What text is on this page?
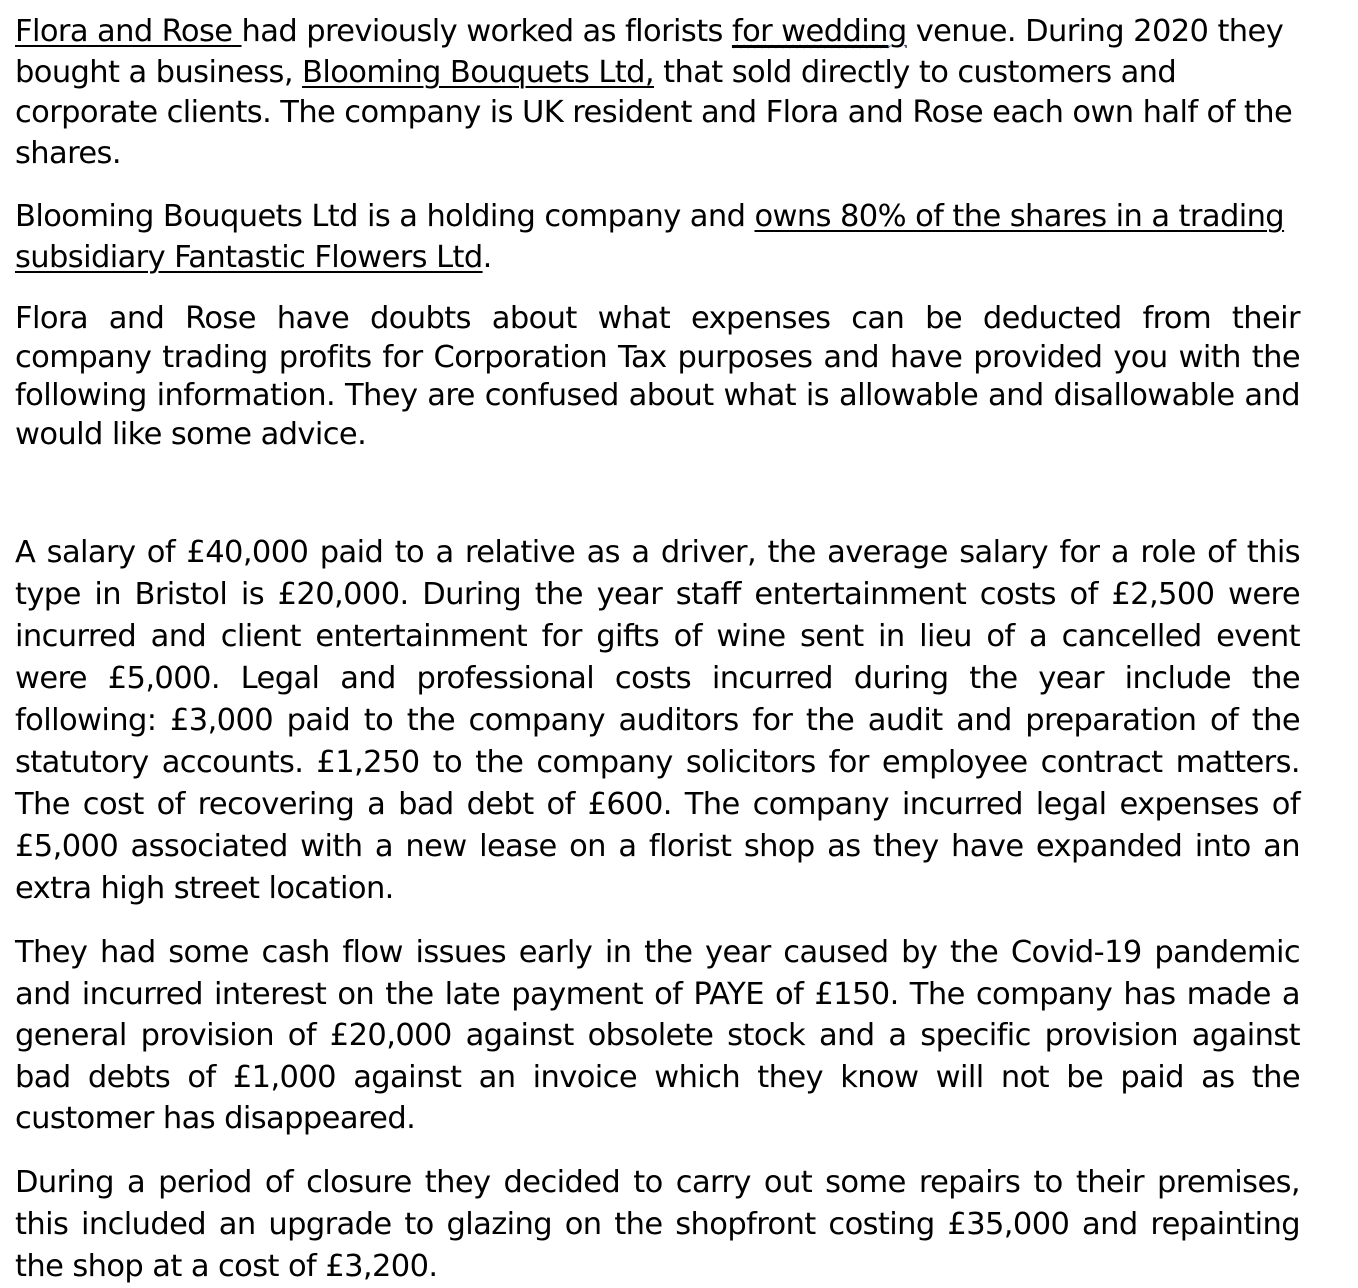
Flora and Rose had previously worked as florists for wedding venue. During 2020 they bought a business, Blooming Bouquets Ltd, that sold directly to customers and corporate clients. The company is UK resident and Flora and Rose each own half of the shares.

Blooming Bouquets Ltd is a holding company and owns 80% of the shares in a trading subsidiary Fantastic Flowers Ltd.

Flora and Rose have doubts about what expenses can be deducted from their company trading profits for Corporation Tax purposes and have provided you with the following information. They are confused about what is allowable and disallowable and would like some advice.

A salary of £40,000 paid to a relative as a driver, the average salary for a role of this type in Bristol is £20,000. During the year staff entertainment costs of £2,500 were incurred and client entertainment for gifts of wine sent in lieu of a cancelled event were £5,000. Legal and professional costs incurred during the year include the following: £3,000 paid to the company auditors for the audit and preparation of the statutory accounts. £1,250 to the company solicitors for employee contract matters. The cost of recovering a bad debt of £600. The company incurred legal expenses of £5,000 associated with a new lease on a florist shop as they have expanded into an extra high street location.

They had some cash flow issues early in the year caused by the Covid-19 pandemic and incurred interest on the late payment of PAYE of £150. The company has made a general provision of £20,000 against obsolete stock and a specific provision against bad debts of £1,000 against an invoice which they know will not be paid as the customer has disappeared.

During a period of closure they decided to carry out some repairs to their premises, this included an upgrade to glazing on the shopfront costing £35,000 and repainting the shop at a cost of £3,200.
